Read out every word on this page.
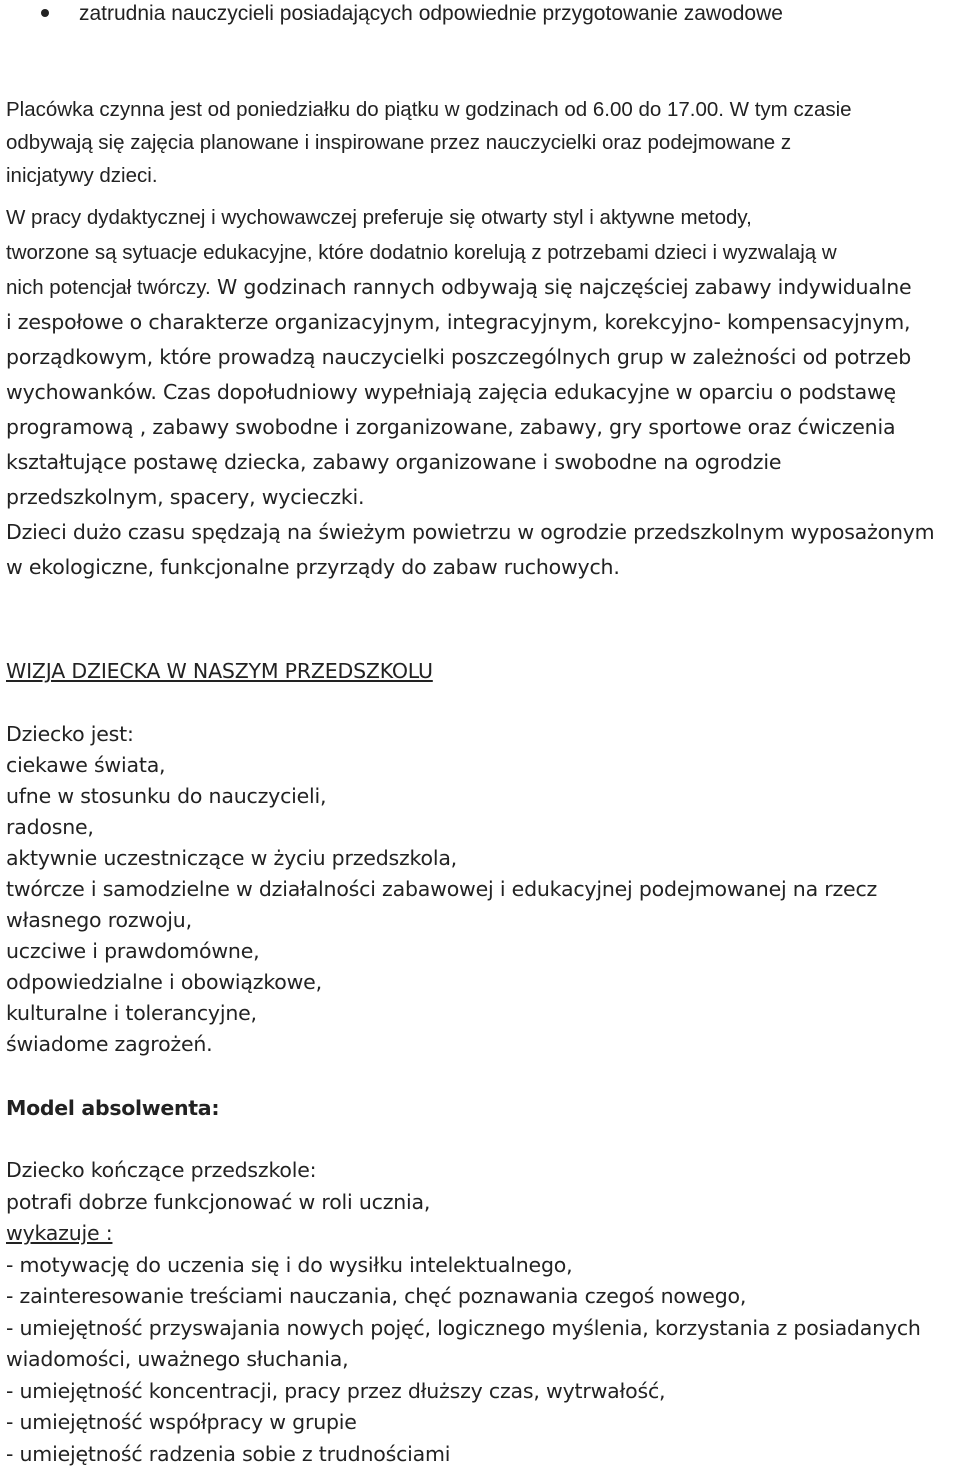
zatrudnia nauczycieli posiadających odpowiednie przygotowanie zawodowe
Placówka czynna jest od poniedziałku do piątku w godzinach od 6.00 do 17.00. W tym czasie
odbywają się zajęcia planowane i inspirowane przez nauczycielki oraz podejmowane z
inicjatywy dzieci.
W pracy dydaktycznej i wychowawczej preferuje się otwarty styl i aktywne metody,
tworzone są sytuacje edukacyjne, które dodatnio korelują z potrzebami dzieci i wyzwalają w
nich potencjał twórczy. W godzinach rannych odbywają się najczęściej zabawy indywidualne
i zespołowe o charakterze organizacyjnym, integracyjnym, korekcyjno- kompensacyjnym,
porządkowym, które prowadzą nauczycielki poszczególnych grup w zależności od potrzeb
wychowanków. Czas dopołudniowy wypełniają zajęcia edukacyjne w oparciu o podstawę
programową , zabawy swobodne i zorganizowane, zabawy, gry sportowe oraz ćwiczenia
kształtujące postawę dziecka, zabawy organizowane i swobodne na ogrodzie
przedszkolnym, spacery, wycieczki.
Dzieci dużo czasu spędzają na świeżym powietrzu w ogrodzie przedszkolnym wyposażonym
w ekologiczne, funkcjonalne przyrządy do zabaw ruchowych.
WIZJA DZIECKA W NASZYM PRZEDSZKOLU
Dziecko jest:
ciekawe świata,
ufne w stosunku do nauczycieli,
radosne,
aktywnie uczestniczące w życiu przedszkola,
twórcze i samodzielne w działalności zabawowej i edukacyjnej podejmowanej na rzecz
własnego rozwoju,
uczciwe i prawdomówne,
odpowiedzialne i obowiązkowe,
kulturalne i tolerancyjne,
świadome zagrożeń.
Model absolwenta:
Dziecko kończące przedszkole:
potrafi dobrze funkcjonować w roli ucznia,
wykazuje :
- motywację do uczenia się i do wysiłku intelektualnego,
- zainteresowanie treściami nauczania, chęć poznawania czegoś nowego,
- umiejętność przyswajania nowych pojęć, logicznego myślenia, korzystania z posiadanych
wiadomości, uważnego słuchania,
- umiejętność koncentracji, pracy przez dłuższy czas, wytrwałość,
- umiejętność współpracy w grupie
- umiejętność radzenia sobie z trudnościami
